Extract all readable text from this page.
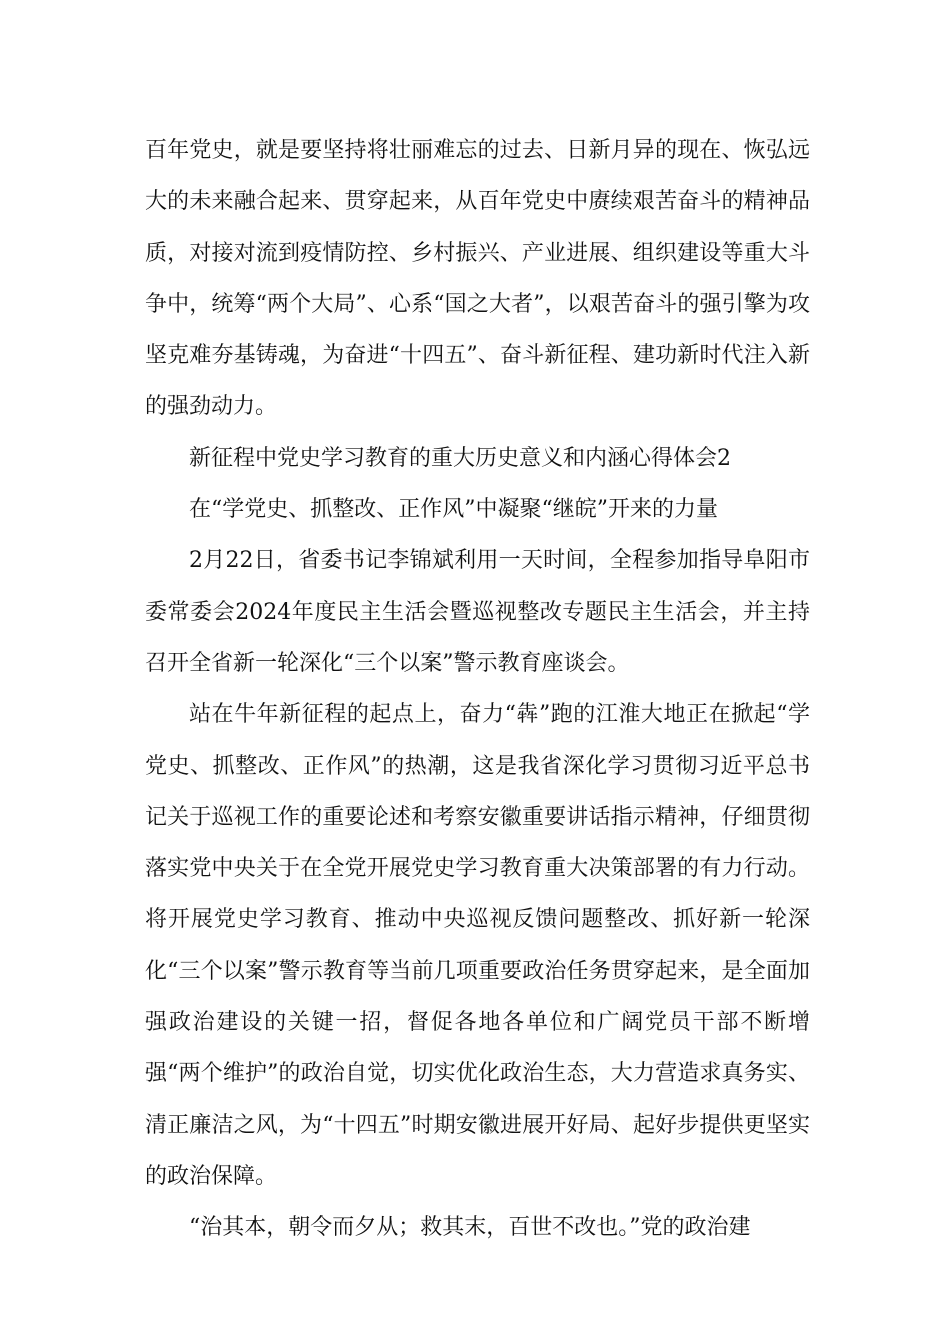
百年党史，就是要坚持将壮丽难忘的过去、日新月异的现在、恢弘远大的未来融合起来、贯穿起来，从百年党史中赓续艰苦奋斗的精神品质，对接对流到疫情防控、乡村振兴、产业进展、组织建设等重大斗争中，统筹“两个大局”、心系“国之大者”，以艰苦奋斗的强引擎为攻坚克难夯基铸魂，为奋进“十四五”、奋斗新征程、建功新时代注入新的强劲动力。

新征程中党史学习教育的重大历史意义和内涵心得体会2

在“学党史、抓整改、正作风”中凝聚“继皖”开来的力量

2月22日，省委书记李锦斌利用一天时间，全程参加指导阜阳市委常委会2024年度民主生活会暨巡视整改专题民主生活会，并主持召开全省新一轮深化“三个以案”警示教育座谈会。

站在牛年新征程的起点上，奋力“犇”跑的江淮大地正在掀起“学党史、抓整改、正作风”的热潮，这是我省深化学习贯彻习近平总书记关于巡视工作的重要论述和考察安徽重要讲话指示精神，仔细贯彻落实党中央关于在全党开展党史学习教育重大决策部署的有力行动。将开展党史学习教育、推动中央巡视反馈问题整改、抓好新一轮深化“三个以案”警示教育等当前几项重要政治任务贯穿起来，是全面加强政治建设的关键一招，督促各地各单位和广阔党员干部不断增强“两个维护”的政治自觉，切实优化政治生态，大力营造求真务实、清正廉洁之风，为“十四五”时期安徽进展开好局、起好步提供更坚实的政治保障。

“治其本，朝令而夕从；救其末，百世不改也。”党的政治建
